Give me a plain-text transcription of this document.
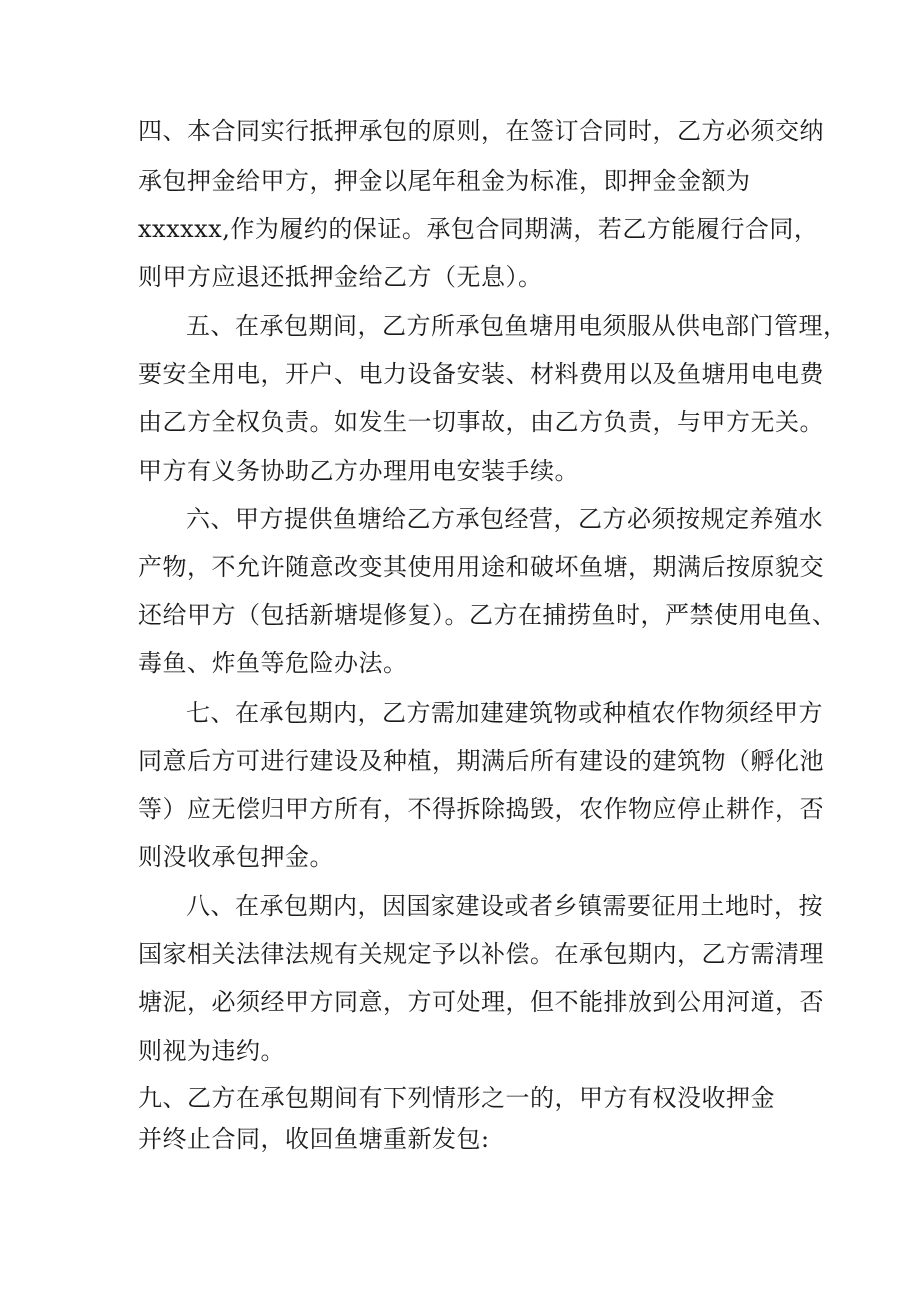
四、本合同实行抵押承包的原则，在签订合同时，乙方必须交纳
承包押金给甲方，押金以尾年租金为标准，即押金金额为
xxxxxx,作为履约的保证。承包合同期满，若乙方能履行合同，
则甲方应退还抵押金给乙方（无息）。
五、在承包期间，乙方所承包鱼塘用电须服从供电部门管理，
要安全用电，开户、电力设备安装、材料费用以及鱼塘用电电费
由乙方全权负责。如发生一切事故，由乙方负责，与甲方无关。
甲方有义务协助乙方办理用电安装手续。
六、甲方提供鱼塘给乙方承包经营，乙方必须按规定养殖水
产物，不允许随意改变其使用用途和破坏鱼塘，期满后按原貌交
还给甲方（包括新塘堤修复）。乙方在捕捞鱼时，严禁使用电鱼、
毒鱼、炸鱼等危险办法。
七、在承包期内，乙方需加建建筑物或种植农作物须经甲方
同意后方可进行建设及种植，期满后所有建设的建筑物（孵化池
等）应无偿归甲方所有，不得拆除捣毁，农作物应停止耕作，否
则没收承包押金。
八、在承包期内，因国家建设或者乡镇需要征用土地时，按
国家相关法律法规有关规定予以补偿。在承包期内，乙方需清理
塘泥，必须经甲方同意，方可处理，但不能排放到公用河道，否
则视为违约。
九、乙方在承包期间有下列情形之一的，甲方有权没收押金
并终止合同，收回鱼塘重新发包:
